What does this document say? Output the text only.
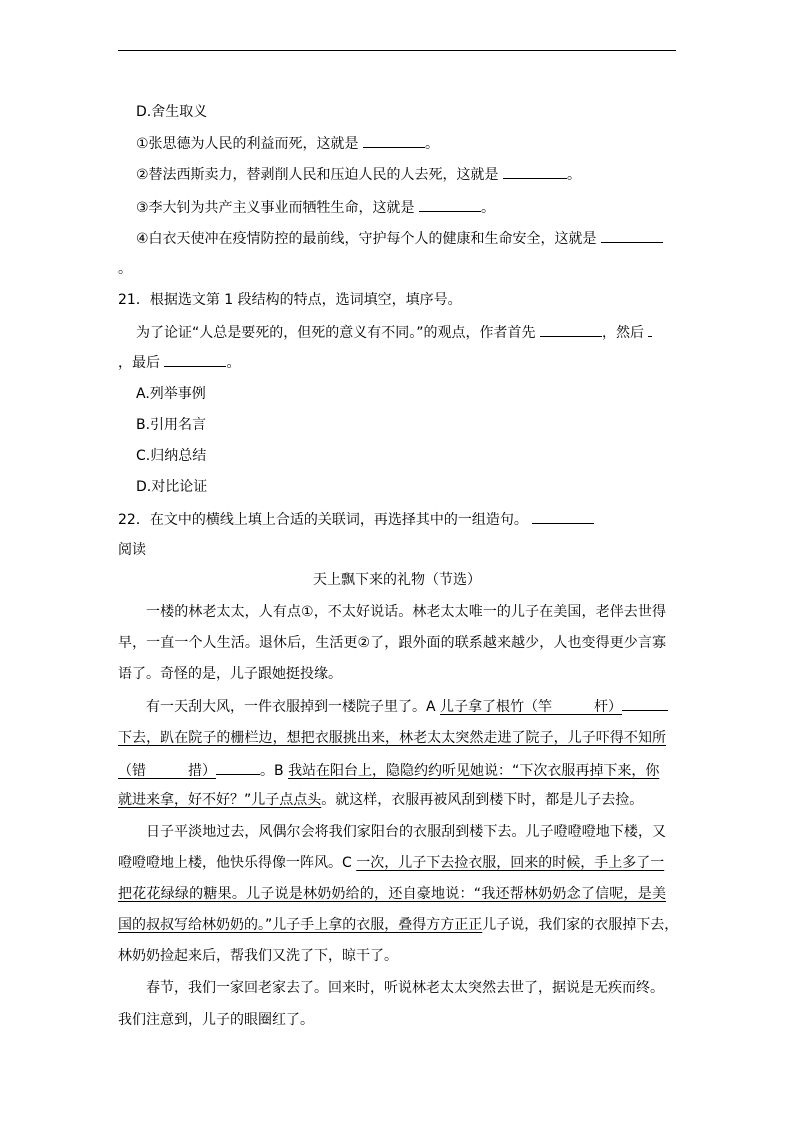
D.舍生取义
①张思德为人民的利益而死，这就是	。
②替法西斯卖力，替剥削人民和压迫人民的人去死，这就是	。
③李大钊为共产主义事业而牺牲生命，这就是	。
④白衣天使冲在疫情防控的最前线，守护每个人的健康和生命安全，这就是
。
21．根据选文第 1 段结构的特点，选词填空，填序号。
为了论证“人总是要死的，但死的意义有不同。”的观点，作者首先	，然后
，最后	。
A.列举事例
B.引用名言
C.归纳总结
D.对比论证
22．在文中的横线上填上合适的关联词，再选择其中的一组造句。
阅读
天上飘下来的礼物（节选）
一楼的林老太太，人有点①，不太好说话。林老太太唯一的儿子在美国，老伴去世得
早，一直一个人生活。退休后，生活更②了，跟外面的联系越来越少，人也变得更少言寡
语了。奇怪的是，儿子跟她挺投缘。
有一天刮大风，一件衣服掉到一楼院子里了。A 儿子拿了根竹（竿　　　杆）
下去，趴在院子的栅栏边，想把衣服挑出来，林老太太突然走进了院子，儿子吓得不知所
（错　　　措）	。B 我站在阳台上，隐隐约约听见她说：“下次衣服再掉下来，你
就进来拿，好不好？”儿子点点头。就这样，衣服再被风刮到楼下时，都是儿子去捡。
日子平淡地过去，风偶尔会将我们家阳台的衣服刮到楼下去。儿子噔噔噔地下楼，又
噔噔噔地上楼，他快乐得像一阵风。C 一次，儿子下去捡衣服，回来的时候，手上多了一
把花花绿绿的糖果。儿子说是林奶奶给的，还自豪地说：“我还帮林奶奶念了信呢，是美
国的叔叔写给林奶奶的。”儿子手上拿的衣服，叠得方方正正儿子说，我们家的衣服掉下去，
林奶奶捡起来后，帮我们又洗了下，晾干了。
春节，我们一家回老家去了。回来时，听说林老太太突然去世了，据说是无疾而终。
我们注意到，儿子的眼圈红了。
